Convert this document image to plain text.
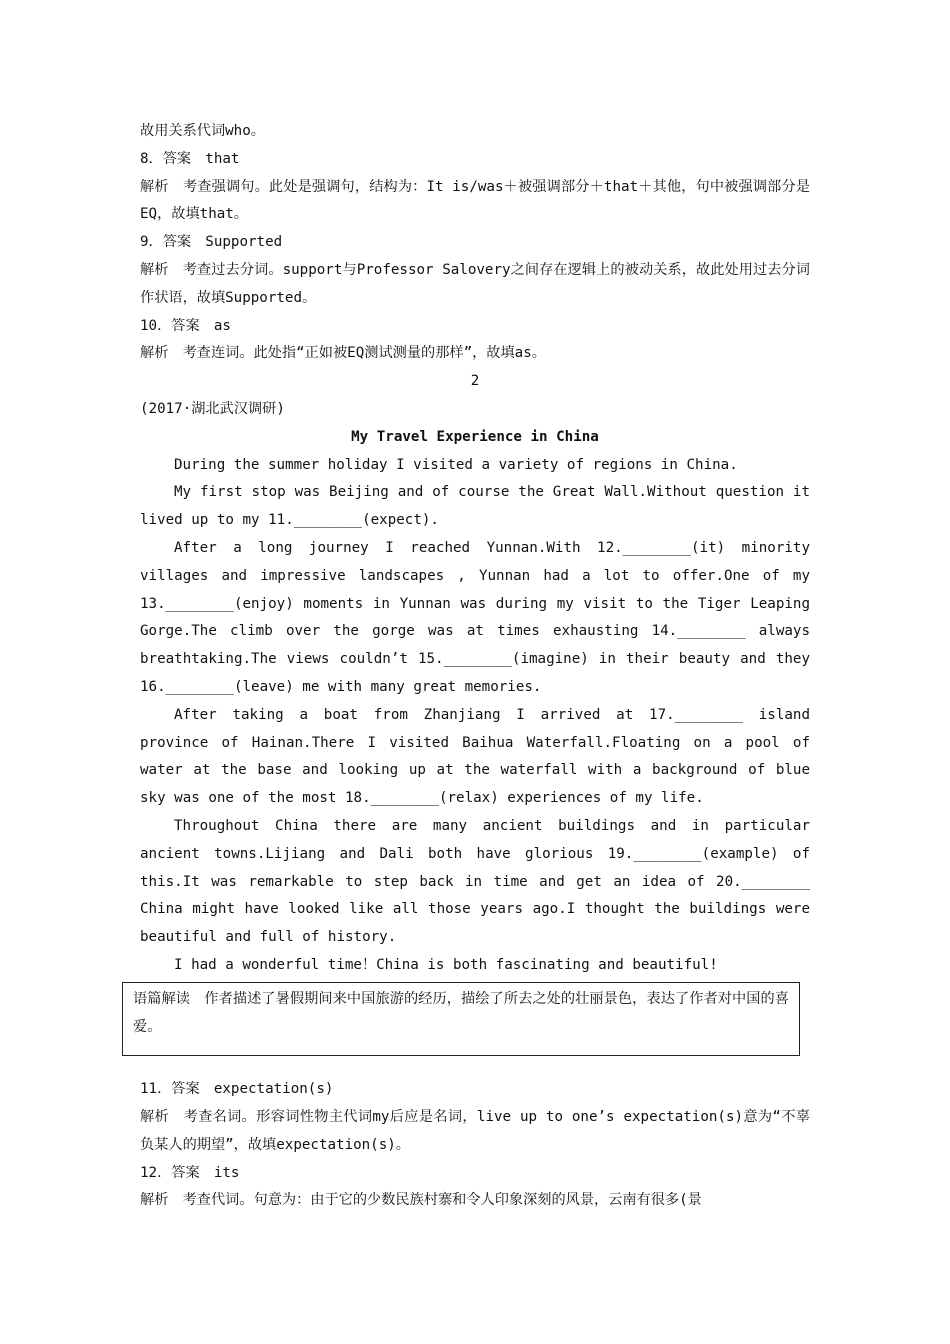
故用关系代词who。

8．答案　that

解析　考查强调句。此处是强调句，结构为：It is/was＋被强调部分＋that＋其他，句中被强调部分是EQ，故填that。

9．答案　Supported

解析　考查过去分词。support与Professor Salovery之间存在逻辑上的被动关系，故此处用过去分词作状语，故填Supported。

10．答案　as

解析　考查连词。此处指“正如被EQ测试测量的那样”，故填as。

2

(2017·湖北武汉调研)

My Travel Experience in China

During the summer holiday I visited a variety of regions in China.

My first stop was Beijing and of course the Great Wall.Without question it lived up to my 11.________(expect).

After a long journey I reached Yunnan.With 12.________(it) minority villages and impressive landscapes , Yunnan had a lot to offer.One of my 13.________(enjoy) moments in Yunnan was during my visit to the Tiger Leaping Gorge.The climb over the gorge was at times exhausting 14.________ always breathtaking.The views couldn’t 15.________(imagine) in their beauty and they 16.________(leave) me with many great memories.

After taking a boat from Zhanjiang I arrived at 17.________ island province of Hainan.There I visited Baihua Waterfall.Floating on a pool of water at the base and looking up at the waterfall with a background of blue sky was one of the most 18.________(relax) experiences of my life.

Throughout China there are many ancient buildings and in particular ancient towns.Lijiang and Dali both have glorious 19.________(example) of this.It was remarkable to step back in time and get an idea of 20.________ China might have looked like all those years ago.I thought the buildings were beautiful and full of history.

I had a wonderful time！China is both fascinating and beautiful!

语篇解读　作者描述了暑假期间来中国旅游的经历，描绘了所去之处的壮丽景色，表达了作者对中国的喜爱。

11．答案　expectation(s)

解析　考查名词。形容词性物主代词my后应是名词，live up to one’s expectation(s)意为“不辜负某人的期望”，故填expectation(s)。

12．答案　its

解析　考查代词。句意为：由于它的少数民族村寨和令人印象深刻的风景，云南有很多(景
